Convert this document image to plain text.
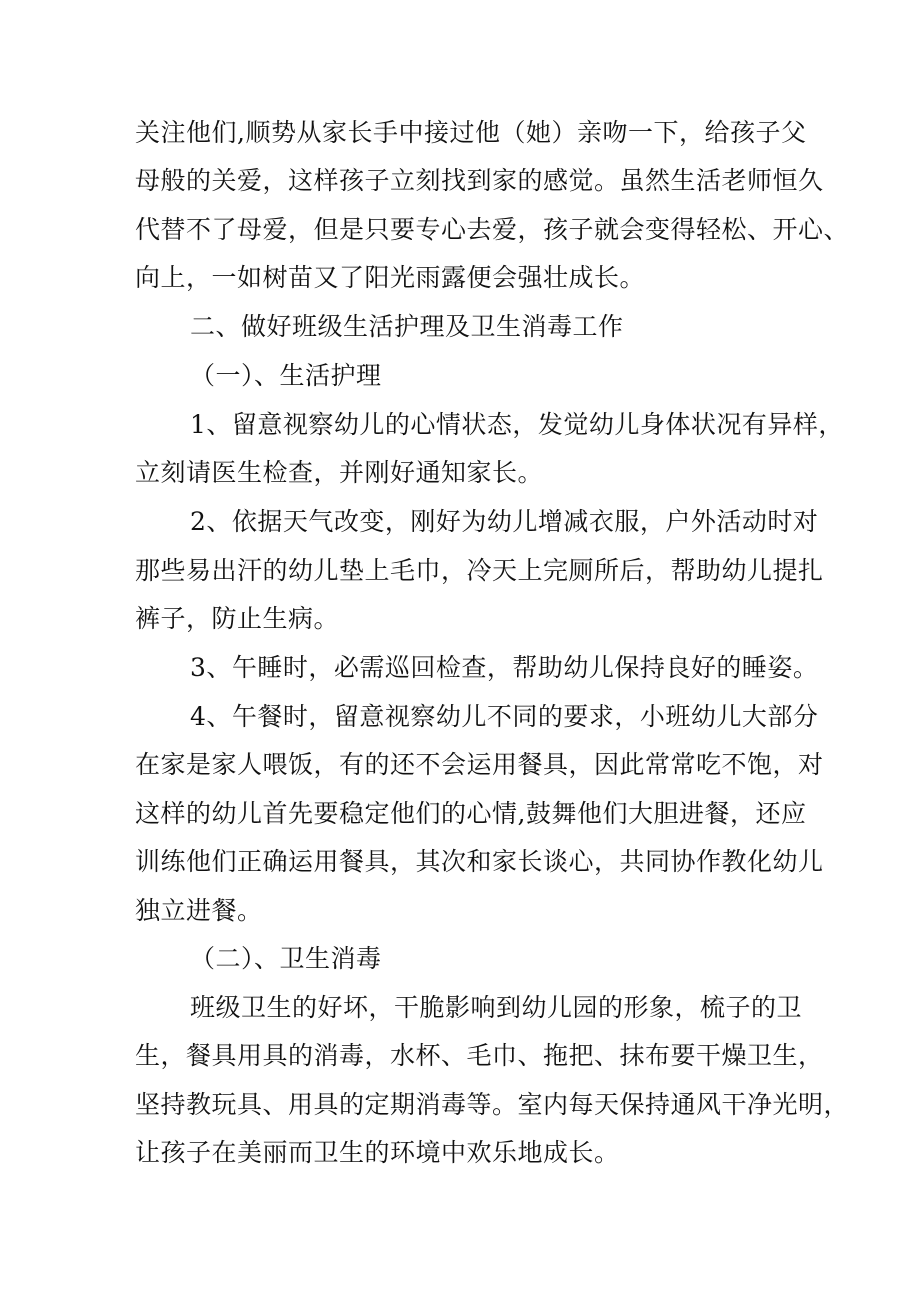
关注他们,顺势从家长手中接过他（她）亲吻一下，给孩子父
母般的关爱，这样孩子立刻找到家的感觉。虽然生活老师恒久
代替不了母爱，但是只要专心去爱，孩子就会变得轻松、开心、
向上，一如树苗又了阳光雨露便会强壮成长。
二、做好班级生活护理及卫生消毒工作
（一）、生活护理
1、留意视察幼儿的心情状态，发觉幼儿身体状况有异样，
立刻请医生检查，并刚好通知家长。
2、依据天气改变，刚好为幼儿增减衣服，户外活动时对
那些易出汗的幼儿垫上毛巾，冷天上完厕所后，帮助幼儿提扎
裤子，防止生病。
3、午睡时，必需巡回检查，帮助幼儿保持良好的睡姿。
4、午餐时，留意视察幼儿不同的要求，小班幼儿大部分
在家是家人喂饭，有的还不会运用餐具，因此常常吃不饱，对
这样的幼儿首先要稳定他们的心情,鼓舞他们大胆进餐，还应
训练他们正确运用餐具，其次和家长谈心，共同协作教化幼儿
独立进餐。
（二）、卫生消毒
班级卫生的好坏，干脆影响到幼儿园的形象，梳子的卫
生，餐具用具的消毒，水杯、毛巾、拖把、抹布要干燥卫生，
坚持教玩具、用具的定期消毒等。室内每天保持通风干净光明，
让孩子在美丽而卫生的环境中欢乐地成长。
